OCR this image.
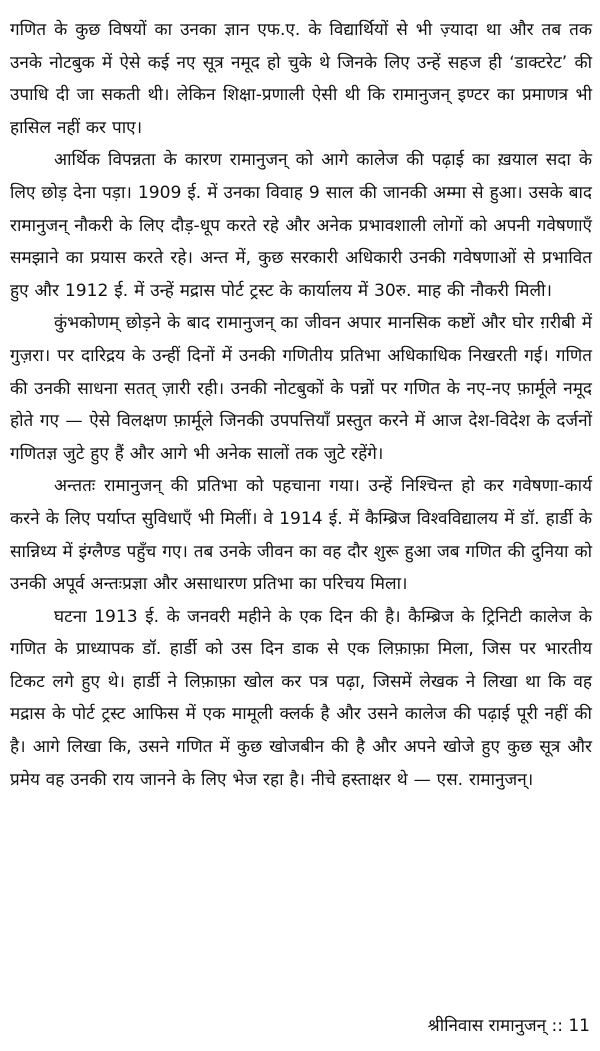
गणित के कुछ विषयों का उनका ज्ञान एफ.ए. के विद्यार्थियों से भी ज़्यादा था और तब तक उनके नोटबुक में ऐसे कई नए सूत्र नमूद हो चुके थे जिनके लिए उन्हें सहज ही ‘डाक्टरेट’ की उपाधि दी जा सकती थी। लेकिन शिक्षा-प्रणाली ऐसी थी कि रामानुजन् इण्टर का प्रमाणत्र भी हासिल नहीं कर पाए।

आर्थिक विपन्नता के कारण रामानुजन् को आगे कालेज की पढ़ाई का ख़याल सदा के लिए छोड़ देना पड़ा। 1909 ई. में उनका विवाह 9 साल की जानकी अम्मा से हुआ। उसके बाद रामानुजन् नौकरी के लिए दौड़-धूप करते रहे और अनेक प्रभावशाली लोगों को अपनी गवेषणाएँ समझाने का प्रयास करते रहे। अन्त में, कुछ सरकारी अधिकारी उनकी गवेषणाओं से प्रभावित हुए और 1912 ई. में उन्हें मद्रास पोर्ट ट्रस्ट के कार्यालय में 30रु. माह की नौकरी मिली।

कुंभकोणम् छोड़ने के बाद रामानुजन् का जीवन अपार मानसिक कष्टों और घोर ग़रीबी में गुज़रा। पर दारिद्रय के उन्हीं दिनों में उनकी गणितीय प्रतिभा अधिकाधिक निखरती गई। गणित की उनकी साधना सतत् ज़ारी रही। उनकी नोटबुकों के पन्नों पर गणित के नए-नए फ़ार्मूले नमूद होते गए — ऐसे विलक्षण फ़ार्मूले जिनकी उपपत्तियाँ प्रस्तुत करने में आज देश-विदेश के दर्जनों गणितज्ञ जुटे हुए हैं और आगे भी अनेक सालों तक जुटे रहेंगे।

अन्ततः रामानुजन् की प्रतिभा को पहचाना गया। उन्हें निश्चिन्त हो कर गवेषणा-कार्य करने के लिए पर्याप्त सुविधाएँ भी मिलीं। वे 1914 ई. में कैम्ब्रिज विश्वविद्यालय में डॉ. हार्डी के सान्निध्य में इंग्लैण्ड पहुँच गए। तब उनके जीवन का वह दौर शुरू हुआ जब गणित की दुनिया को उनकी अपूर्व अन्तःप्रज्ञा और असाधारण प्रतिभा का परिचय मिला।

घटना 1913 ई. के जनवरी महीने के एक दिन की है। कैम्ब्रिज के ट्रिनिटी कालेज के गणित के प्राध्यापक डॉ. हार्डी को उस दिन डाक से एक लिफ़ाफ़ा मिला, जिस पर भारतीय टिकट लगे हुए थे। हार्डी ने लिफ़ाफ़ा खोल कर पत्र पढ़ा, जिसमें लेखक ने लिखा था कि वह मद्रास के पोर्ट ट्रस्ट आफिस में एक मामूली क्लर्क है और उसने कालेज की पढ़ाई पूरी नहीं की है। आगे लिखा कि, उसने गणित में कुछ खोजबीन की है और अपने खोजे हुए कुछ सूत्र और प्रमेय वह उनकी राय जानने के लिए भेज रहा है। नीचे हस्ताक्षर थे — एस. रामानुजन्।

श्रीनिवास रामानुजन् :: 11
